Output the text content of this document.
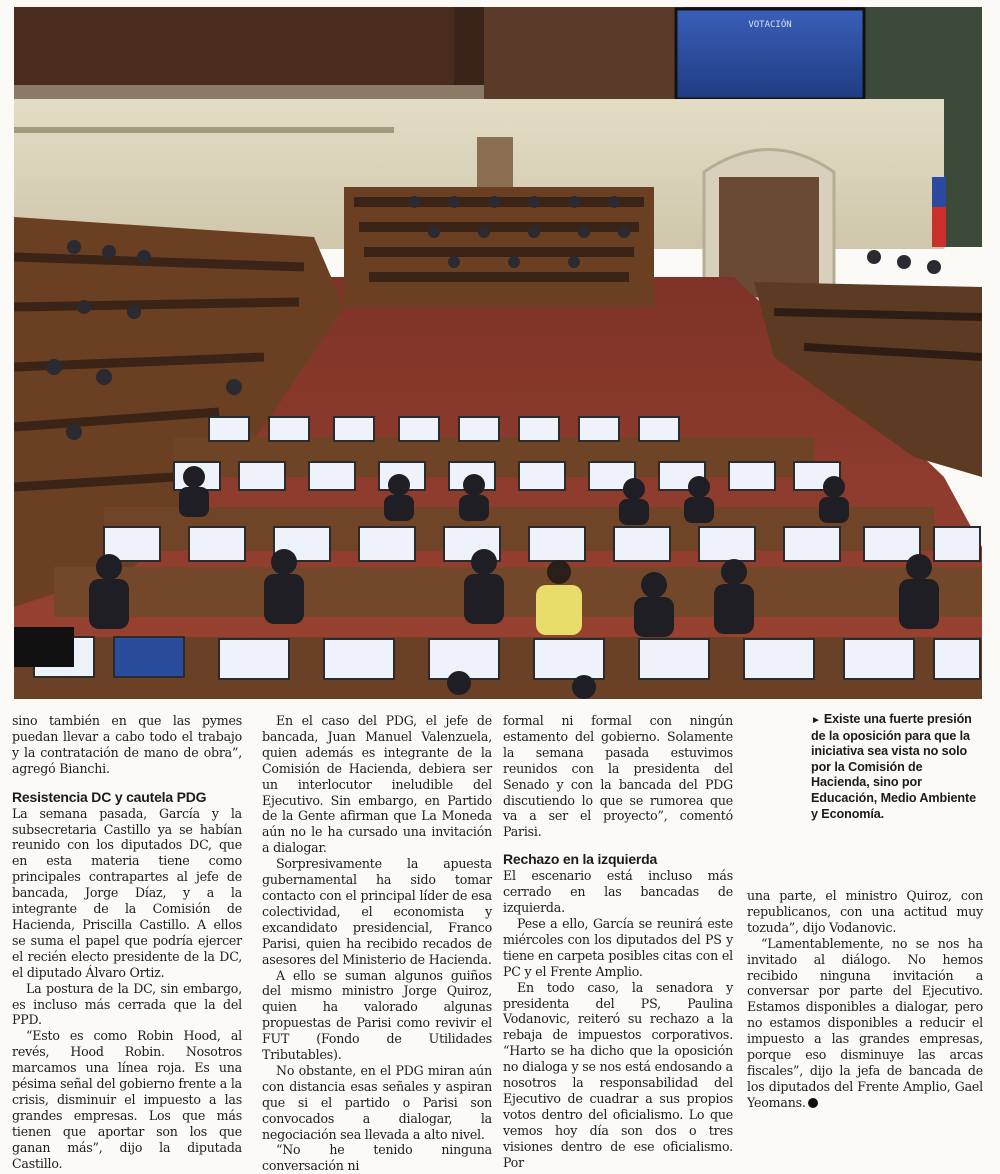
VOTACIÓN

sino también en que las pymes puedan llevar a cabo todo el trabajo y la contratación de mano de obra”, agregó Bianchi.

Resistencia DC y cautela PDG

La semana pasada, García y la subsecretaria Castillo ya se habían reunido con los diputados DC, que en esta materia tiene como principales contrapartes al jefe de bancada, Jorge Díaz, y a la integrante de la Comisión de Hacienda, Priscilla Castillo. A ellos se suma el papel que podría ejercer el recién electo presidente de la DC, el diputado Álvaro Ortiz.

La postura de la DC, sin embargo, es incluso más cerrada que la del PPD.

“Esto es como Robin Hood, al revés, Hood Robin. Nosotros marcamos una línea roja. Es una pésima señal del gobierno frente a la crisis, disminuir el impuesto a las grandes empresas. Los que más tienen que aportar son los que ganan más”, dijo la diputada Castillo.

En el caso del PDG, el jefe de bancada, Juan Manuel Valenzuela, quien además es integrante de la Comisión de Hacienda, debiera ser un interlocutor ineludible del Ejecutivo. Sin embargo, en Partido de la Gente afirman que La Moneda aún no le ha cursado una invitación a dialogar.

Sorpresivamente la apuesta gubernamental ha sido tomar contacto con el principal líder de esa colectividad, el economista y excandidato presidencial, Franco Parisi, quien ha recibido recados de asesores del Ministerio de Hacienda.

A ello se suman algunos guiños del mismo ministro Jorge Quiroz, quien ha valorado algunas propuestas de Parisi como revivir el FUT (Fondo de Utilidades Tributables).

No obstante, en el PDG miran aún con distancia esas señales y aspiran que si el partido o Parisi son convocados a dialogar, la negociación sea llevada a alto nivel.

“No he tenido ninguna conversación ni

formal ni formal con ningún estamento del gobierno. Solamente la semana pasada estuvimos reunidos con la presidenta del Senado y con la bancada del PDG discutiendo lo que se rumorea que va a ser el proyecto”, comentó Parisi.

Rechazo en la izquierda

El escenario está incluso más cerrado en las bancadas de izquierda.

Pese a ello, García se reunirá este miércoles con los diputados del PS y tiene en carpeta posibles citas con el PC y el Frente Amplio.

En todo caso, la senadora y presidenta del PS, Paulina Vodanovic, reiteró su rechazo a la rebaja de impuestos corporativos. “Harto se ha dicho que la oposición no dialoga y se nos está endosando a nosotros la responsabilidad del Ejecutivo de cuadrar a sus propios votos dentro del oficialismo. Lo que vemos hoy día son dos o tres visiones dentro de ese oficialismo. Por

► Existe una fuerte presión de la oposición para que la iniciativa sea vista no solo por la Comisión de Hacienda, sino por Educación, Medio Ambiente y Economía.

una parte, el ministro Quiroz, con republicanos, con una actitud muy tozuda”, dijo Vodanovic.

“Lamentablemente, no se nos ha invitado al diálogo. No hemos recibido ninguna invitación a conversar por parte del Ejecutivo. Estamos disponibles a dialogar, pero no estamos disponibles a reducir el impuesto a las grandes empresas, porque eso disminuye las arcas fiscales”, dijo la jefa de bancada de los diputados del Frente Amplio, Gael Yeomans.
